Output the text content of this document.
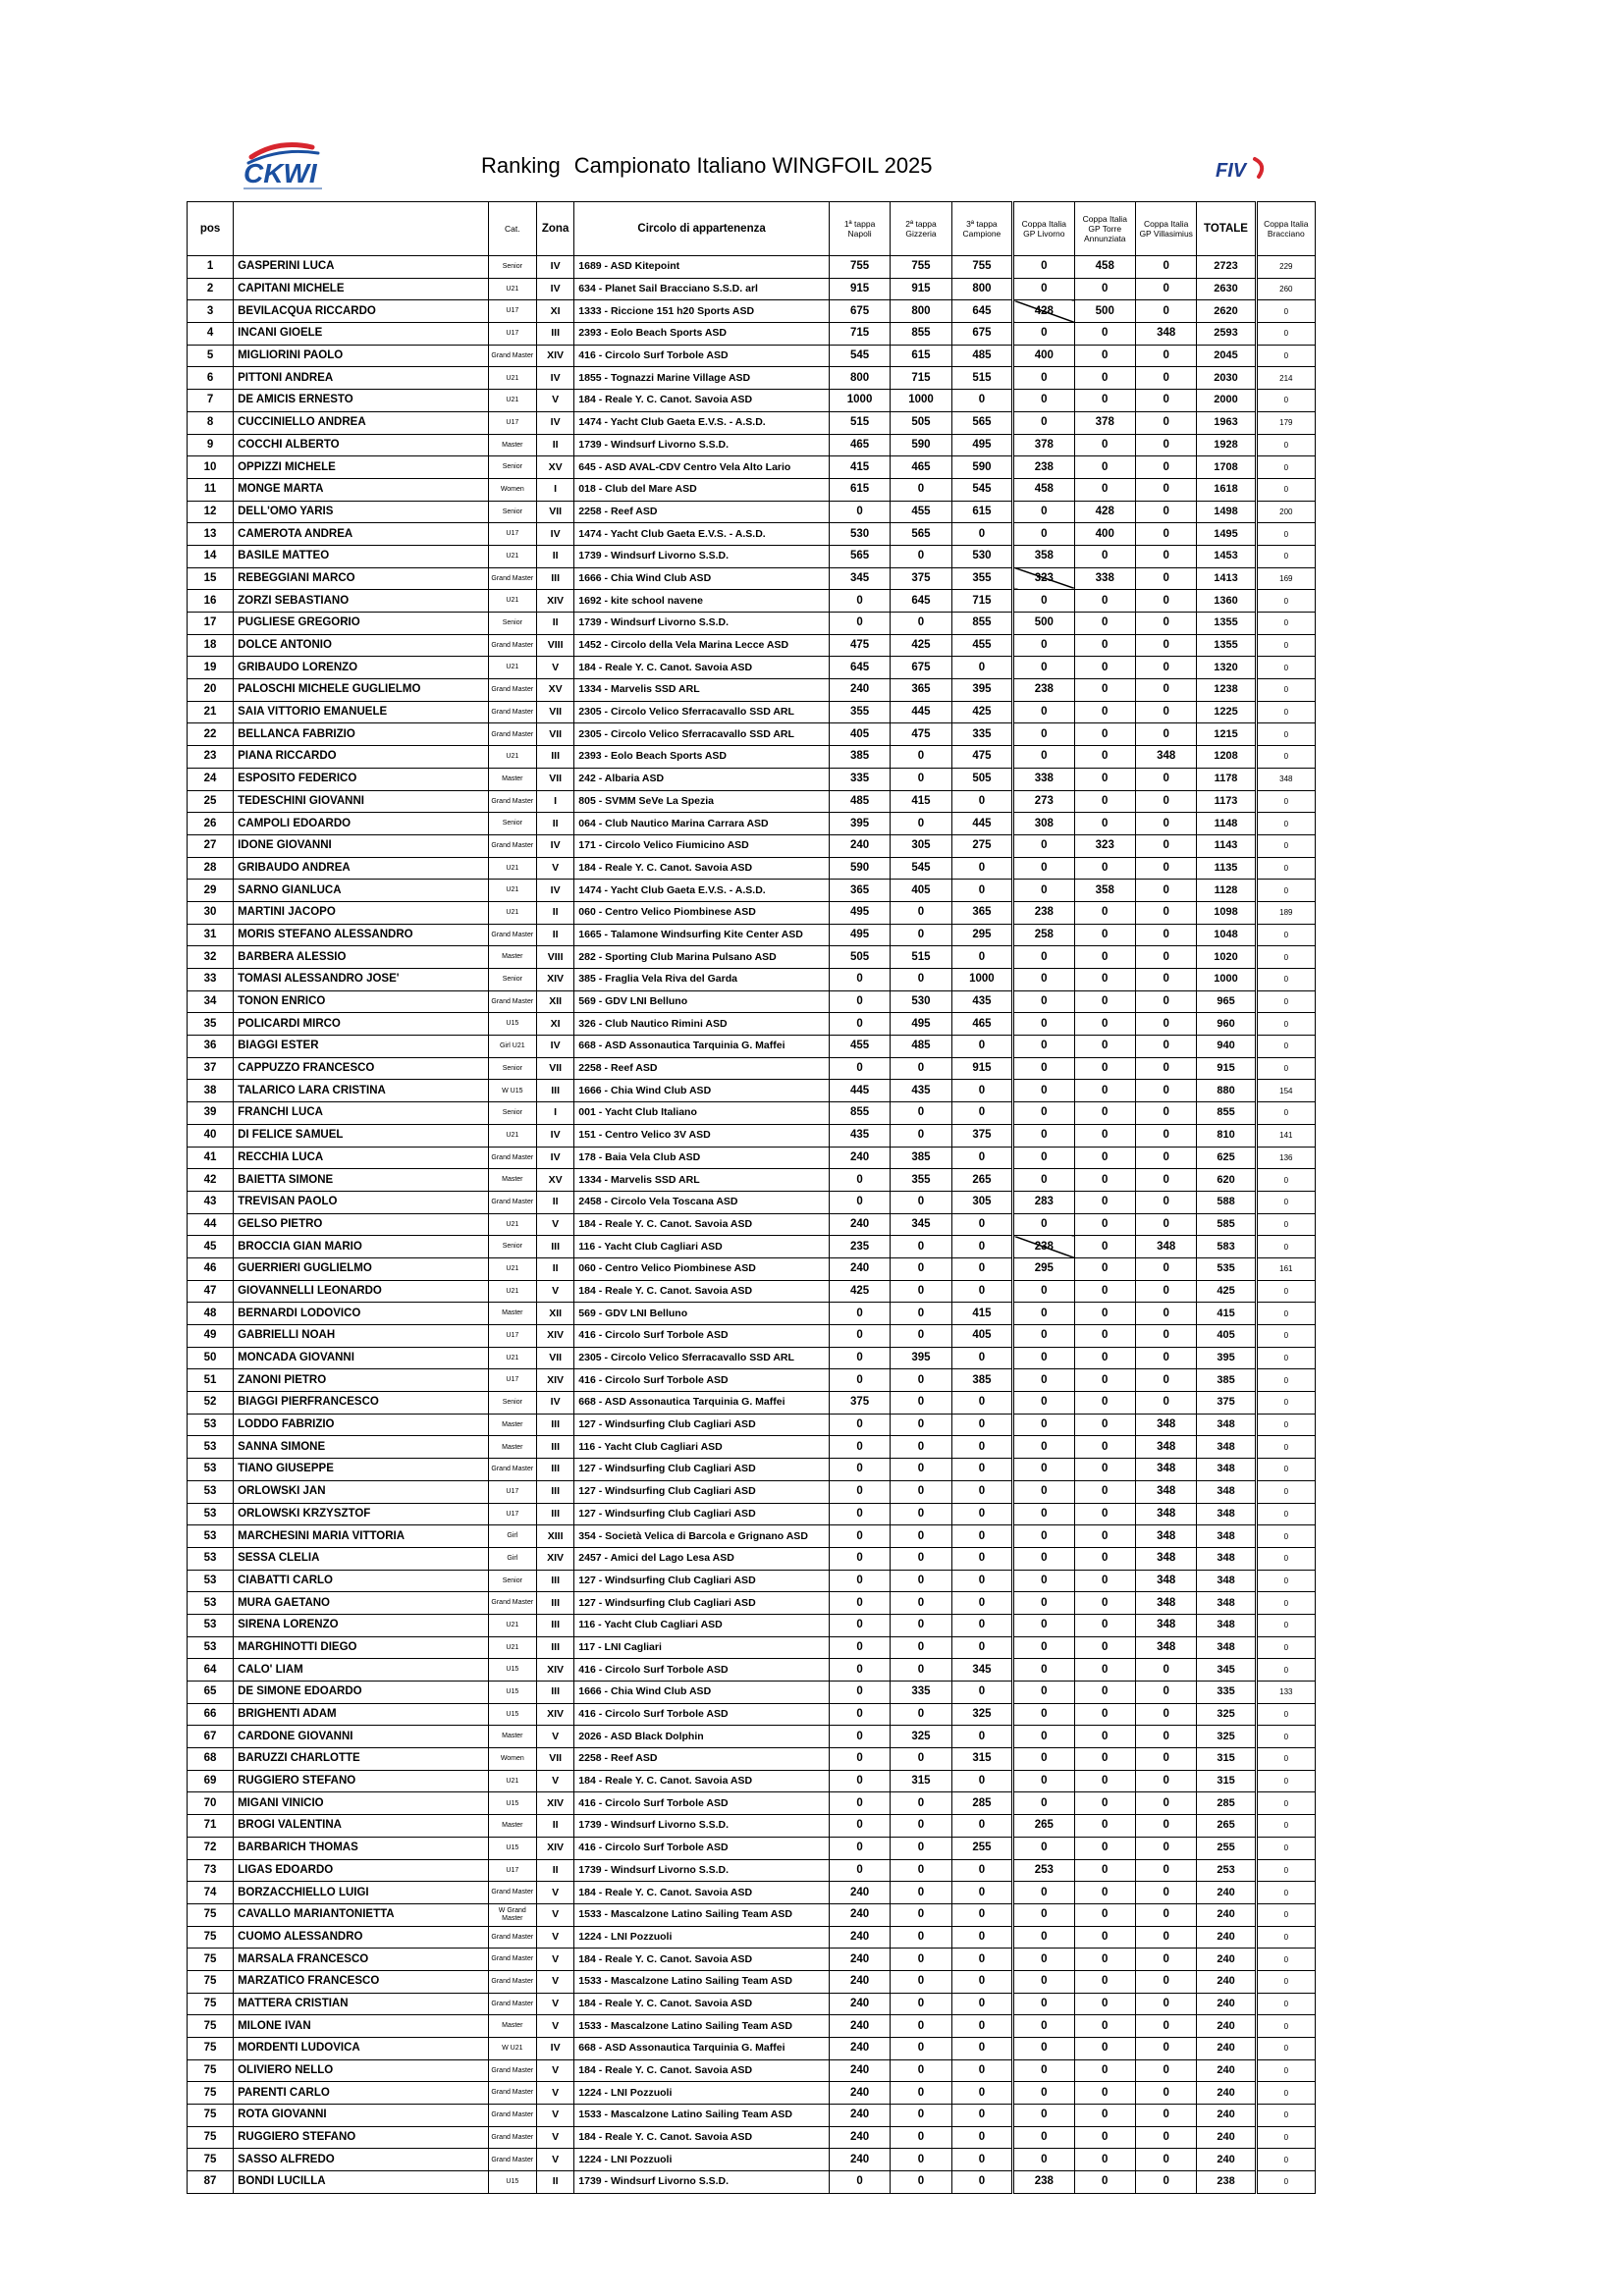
CKWI	Ranking Campionato Italiano WINGFOIL 2025	FIV
pos		Cat.	Zona	Circolo di appartenenza	1ª tappa Napoli	2ª tappa Gizzeria	3ª tappa Campione	Coppa Italia GP Livorno	Coppa Italia GP Torre Annunziata	Coppa Italia GP Villasimius	TOTALE	Coppa Italia Bracciano
1	GASPERINI LUCA	Senior	IV	1689 - ASD Kitepoint	755	755	755	0	458	0	2723	229
2	CAPITANI MICHELE	U21	IV	634 - Planet Sail Bracciano S.S.D. arl	915	915	800	0	0	0	2630	260
3	BEVILACQUA RICCARDO	U17	XI	1333 - Riccione 151 h20 Sports ASD	675	800	645	428	500	0	2620	0
4	INCANI GIOELE	U17	III	2393 - Eolo Beach Sports ASD	715	855	675	0	0	348	2593	0
5	MIGLIORINI PAOLO	Grand Master	XIV	416 - Circolo Surf Torbole ASD	545	615	485	400	0	0	2045	0
6	PITTONI ANDREA	U21	IV	1855 - Tognazzi Marine Village ASD	800	715	515	0	0	0	2030	214
7	DE AMICIS ERNESTO	U21	V	184 - Reale Y. C. Canot. Savoia ASD	1000	1000	0	0	0	0	2000	0
8	CUCCINIELLO ANDREA	U17	IV	1474 - Yacht Club Gaeta E.V.S. - A.S.D.	515	505	565	0	378	0	1963	179
9	COCCHI ALBERTO	Master	II	1739 - Windsurf Livorno S.S.D.	465	590	495	378	0	0	1928	0
10	OPPIZZI MICHELE	Senior	XV	645 - ASD AVAL-CDV Centro Vela Alto Lario	415	465	590	238	0	0	1708	0
11	MONGE MARTA	Women	I	018 - Club del Mare ASD	615	0	545	458	0	0	1618	0
12	DELL'OMO YARIS	Senior	VII	2258 - Reef ASD	0	455	615	0	428	0	1498	200
13	CAMEROTA ANDREA	U17	IV	1474 - Yacht Club Gaeta E.V.S. - A.S.D.	530	565	0	0	400	0	1495	0
14	BASILE MATTEO	U21	II	1739 - Windsurf Livorno S.S.D.	565	0	530	358	0	0	1453	0
15	REBEGGIANI MARCO	Grand Master	III	1666 - Chia Wind Club ASD	345	375	355	323	338	0	1413	169
16	ZORZI SEBASTIANO	U21	XIV	1692 - kite school navene	0	645	715	0	0	0	1360	0
17	PUGLIESE GREGORIO	Senior	II	1739 - Windsurf Livorno S.S.D.	0	0	855	500	0	0	1355	0
18	DOLCE ANTONIO	Grand Master	VIII	1452 - Circolo della Vela Marina Lecce ASD	475	425	455	0	0	0	1355	0
19	GRIBAUDO LORENZO	U21	V	184 - Reale Y. C. Canot. Savoia ASD	645	675	0	0	0	0	1320	0
20	PALOSCHI MICHELE GUGLIELMO	Grand Master	XV	1334 - Marvelis SSD ARL	240	365	395	238	0	0	1238	0
21	SAIA VITTORIO EMANUELE	Grand Master	VII	2305 - Circolo Velico Sferracavallo SSD ARL	355	445	425	0	0	0	1225	0
22	BELLANCA FABRIZIO	Grand Master	VII	2305 - Circolo Velico Sferracavallo SSD ARL	405	475	335	0	0	0	1215	0
23	PIANA RICCARDO	U21	III	2393 - Eolo Beach Sports ASD	385	0	475	0	0	348	1208	0
24	ESPOSITO FEDERICO	Master	VII	242 - Albaria ASD	335	0	505	338	0	0	1178	348
25	TEDESCHINI GIOVANNI	Grand Master	I	805 - SVMM SeVe La Spezia	485	415	0	273	0	0	1173	0
26	CAMPOLI EDOARDO	Senior	II	064 - Club Nautico Marina Carrara ASD	395	0	445	308	0	0	1148	0
27	IDONE GIOVANNI	Grand Master	IV	171 - Circolo Velico Fiumicino ASD	240	305	275	0	323	0	1143	0
28	GRIBAUDO ANDREA	U21	V	184 - Reale Y. C. Canot. Savoia ASD	590	545	0	0	0	0	1135	0
29	SARNO GIANLUCA	U21	IV	1474 - Yacht Club Gaeta E.V.S. - A.S.D.	365	405	0	0	358	0	1128	0
30	MARTINI JACOPO	U21	II	060 - Centro Velico Piombinese ASD	495	0	365	238	0	0	1098	189
31	MORIS STEFANO ALESSANDRO	Grand Master	II	1665 - Talamone Windsurfing Kite Center ASD	495	0	295	258	0	0	1048	0
32	BARBERA ALESSIO	Master	VIII	282 - Sporting Club Marina Pulsano ASD	505	515	0	0	0	0	1020	0
33	TOMASI ALESSANDRO JOSE'	Senior	XIV	385 - Fraglia Vela Riva del Garda	0	0	1000	0	0	0	1000	0
34	TONON ENRICO	Grand Master	XII	569 - GDV LNI Belluno	0	530	435	0	0	0	965	0
35	POLICARDI MIRCO	U15	XI	326 - Club Nautico Rimini ASD	0	495	465	0	0	0	960	0
36	BIAGGI ESTER	Girl U21	IV	668 - ASD Assonautica Tarquinia G. Maffei	455	485	0	0	0	0	940	0
37	CAPPUZZO FRANCESCO	Senior	VII	2258 - Reef ASD	0	0	915	0	0	0	915	0
38	TALARICO LARA CRISTINA	W U15	III	1666 - Chia Wind Club ASD	445	435	0	0	0	0	880	154
39	FRANCHI LUCA	Senior	I	001 - Yacht Club Italiano	855	0	0	0	0	0	855	0
40	DI FELICE SAMUEL	U21	IV	151 - Centro Velico 3V ASD	435	0	375	0	0	0	810	141
41	RECCHIA LUCA	Grand Master	IV	178 - Baia Vela Club ASD	240	385	0	0	0	0	625	136
42	BAIETTA SIMONE	Master	XV	1334 - Marvelis SSD ARL	0	355	265	0	0	0	620	0
43	TREVISAN PAOLO	Grand Master	II	2458 - Circolo Vela Toscana ASD	0	0	305	283	0	0	588	0
44	GELSO PIETRO	U21	V	184 - Reale Y. C. Canot. Savoia ASD	240	345	0	0	0	0	585	0
45	BROCCIA GIAN MARIO	Senior	III	116 - Yacht Club Cagliari ASD	235	0	0	238	0	348	583	0
46	GUERRIERI GUGLIELMO	U21	II	060 - Centro Velico Piombinese ASD	240	0	0	295	0	0	535	161
47	GIOVANNELLI LEONARDO	U21	V	184 - Reale Y. C. Canot. Savoia ASD	425	0	0	0	0	0	425	0
48	BERNARDI LODOVICO	Master	XII	569 - GDV LNI Belluno	0	0	415	0	0	0	415	0
49	GABRIELLI NOAH	U17	XIV	416 - Circolo Surf Torbole ASD	0	0	405	0	0	0	405	0
50	MONCADA GIOVANNI	U21	VII	2305 - Circolo Velico Sferracavallo SSD ARL	0	395	0	0	0	0	395	0
51	ZANONI PIETRO	U17	XIV	416 - Circolo Surf Torbole ASD	0	0	385	0	0	0	385	0
52	BIAGGI PIERFRANCESCO	Senior	IV	668 - ASD Assonautica Tarquinia G. Maffei	375	0	0	0	0	0	375	0
53	LODDO FABRIZIO	Master	III	127 - Windsurfing Club Cagliari ASD	0	0	0	0	0	348	348	0
53	SANNA SIMONE	Master	III	116 - Yacht Club Cagliari ASD	0	0	0	0	0	348	348	0
53	TIANO GIUSEPPE	Grand Master	III	127 - Windsurfing Club Cagliari ASD	0	0	0	0	0	348	348	0
53	ORLOWSKI JAN	U17	III	127 - Windsurfing Club Cagliari ASD	0	0	0	0	0	348	348	0
53	ORLOWSKI KRZYSZTOF	U17	III	127 - Windsurfing Club Cagliari ASD	0	0	0	0	0	348	348	0
53	MARCHESINI MARIA VITTORIA	Girl	XIII	354 - Società Velica di Barcola e Grignano ASD	0	0	0	0	0	348	348	0
53	SESSA CLELIA	Girl	XIV	2457 - Amici del Lago Lesa ASD	0	0	0	0	0	348	348	0
53	CIABATTI CARLO	Senior	III	127 - Windsurfing Club Cagliari ASD	0	0	0	0	0	348	348	0
53	MURA GAETANO	Grand Master	III	127 - Windsurfing Club Cagliari ASD	0	0	0	0	0	348	348	0
53	SIRENA LORENZO	U21	III	116 - Yacht Club Cagliari ASD	0	0	0	0	0	348	348	0
53	MARGHINOTTI DIEGO	U21	III	117 - LNI Cagliari	0	0	0	0	0	348	348	0
64	CALO' LIAM	U15	XIV	416 - Circolo Surf Torbole ASD	0	0	345	0	0	0	345	0
65	DE SIMONE EDOARDO	U15	III	1666 - Chia Wind Club ASD	0	335	0	0	0	0	335	133
66	BRIGHENTI ADAM	U15	XIV	416 - Circolo Surf Torbole ASD	0	0	325	0	0	0	325	0
67	CARDONE GIOVANNI	Master	V	2026 - ASD Black Dolphin	0	325	0	0	0	0	325	0
68	BARUZZI CHARLOTTE	Women	VII	2258 - Reef ASD	0	0	315	0	0	0	315	0
69	RUGGIERO STEFANO	U21	V	184 - Reale Y. C. Canot. Savoia ASD	0	315	0	0	0	0	315	0
70	MIGANI VINICIO	U15	XIV	416 - Circolo Surf Torbole ASD	0	0	285	0	0	0	285	0
71	BROGI VALENTINA	Master	II	1739 - Windsurf Livorno S.S.D.	0	0	0	265	0	0	265	0
72	BARBARICH THOMAS	U15	XIV	416 - Circolo Surf Torbole ASD	0	0	255	0	0	0	255	0
73	LIGAS EDOARDO	U17	II	1739 - Windsurf Livorno S.S.D.	0	0	0	253	0	0	253	0
74	BORZACCHIELLO LUIGI	Grand Master	V	184 - Reale Y. C. Canot. Savoia ASD	240	0	0	0	0	0	240	0
75	CAVALLO MARIANTONIETTA	W Grand Master	V	1533 - Mascalzone Latino Sailing Team ASD	240	0	0	0	0	0	240	0
75	CUOMO ALESSANDRO	Grand Master	V	1224 - LNI Pozzuoli	240	0	0	0	0	0	240	0
75	MARSALA FRANCESCO	Grand Master	V	184 - Reale Y. C. Canot. Savoia ASD	240	0	0	0	0	0	240	0
75	MARZATICO FRANCESCO	Grand Master	V	1533 - Mascalzone Latino Sailing Team ASD	240	0	0	0	0	0	240	0
75	MATTERA CRISTIAN	Grand Master	V	184 - Reale Y. C. Canot. Savoia ASD	240	0	0	0	0	0	240	0
75	MILONE IVAN	Master	V	1533 - Mascalzone Latino Sailing Team ASD	240	0	0	0	0	0	240	0
75	MORDENTI LUDOVICA	W U21	IV	668 - ASD Assonautica Tarquinia G. Maffei	240	0	0	0	0	0	240	0
75	OLIVIERO NELLO	Grand Master	V	184 - Reale Y. C. Canot. Savoia ASD	240	0	0	0	0	0	240	0
75	PARENTI CARLO	Grand Master	V	1224 - LNI Pozzuoli	240	0	0	0	0	0	240	0
75	ROTA GIOVANNI	Grand Master	V	1533 - Mascalzone Latino Sailing Team ASD	240	0	0	0	0	0	240	0
75	RUGGIERO STEFANO	Grand Master	V	184 - Reale Y. C. Canot. Savoia ASD	240	0	0	0	0	0	240	0
75	SASSO ALFREDO	Grand Master	V	1224 - LNI Pozzuoli	240	0	0	0	0	0	240	0
87	BONDI LUCILLA	U15	II	1739 - Windsurf Livorno S.S.D.	0	0	0	238	0	0	238	0
